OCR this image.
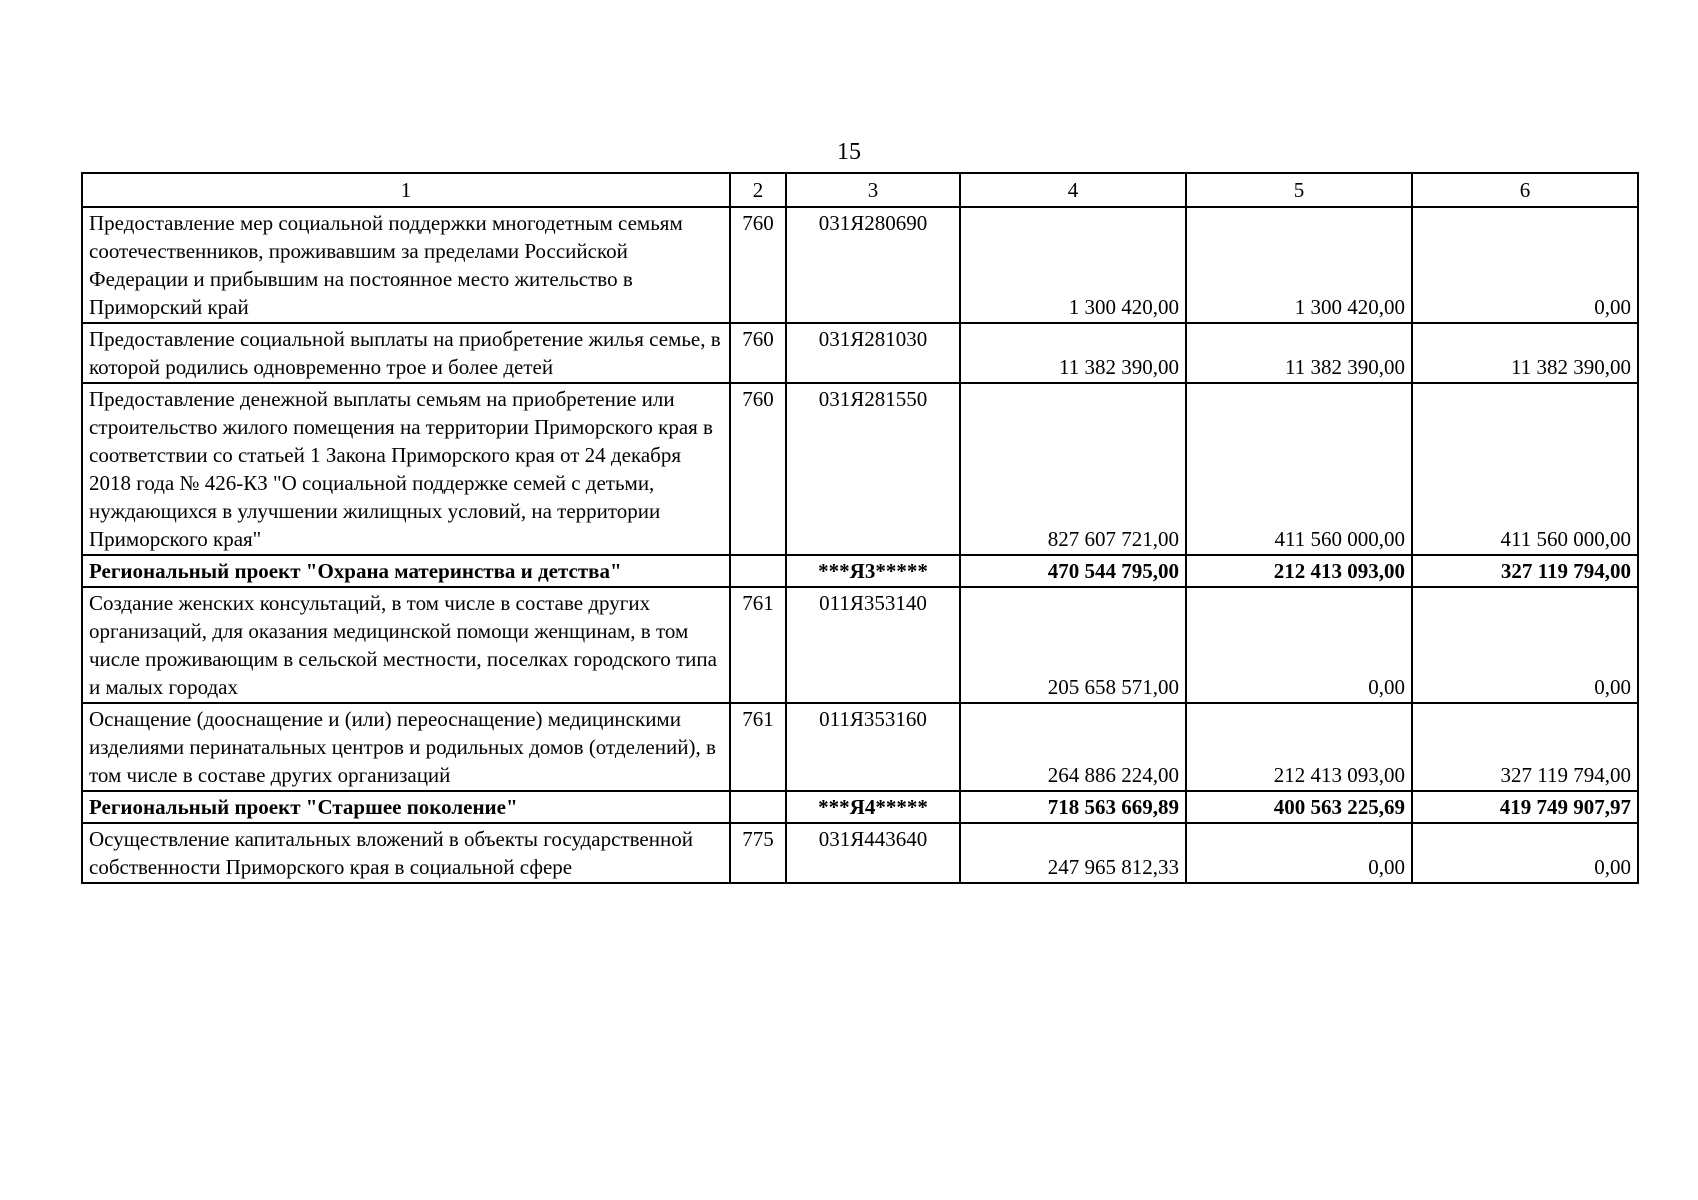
15
1	2	3	4	5	6
Предоставление мер социальной поддержки многодетным семьям соотечественников, проживавшим за пределами Российской Федерации и прибывшим на постоянное место жительство в Приморский край	760	031Я280690	1 300 420,00	1 300 420,00	0,00
Предоставление социальной выплаты на приобретение жилья семье, в которой родились одновременно трое и более детей	760	031Я281030	11 382 390,00	11 382 390,00	11 382 390,00
Предоставление денежной выплаты семьям на приобретение или строительство жилого помещения на территории Приморского края в соответствии со статьей 1 Закона Приморского края от 24 декабря 2018 года № 426-КЗ "О социальной поддержке семей с детьми, нуждающихся в улучшении жилищных условий, на территории Приморского края"	760	031Я281550	827 607 721,00	411 560 000,00	411 560 000,00
Региональный проект "Охрана материнства и детства"		***Я3*****	470 544 795,00	212 413 093,00	327 119 794,00
Создание женских консультаций, в том числе в составе других организаций, для оказания медицинской помощи женщинам, в том числе проживающим в сельской местности, поселках городского типа и малых городах	761	011Я353140	205 658 571,00	0,00	0,00
Оснащение (дооснащение и (или) переоснащение) медицинскими изделиями перинатальных центров и родильных домов (отделений), в том числе в составе других организаций	761	011Я353160	264 886 224,00	212 413 093,00	327 119 794,00
Региональный проект "Старшее поколение"		***Я4*****	718 563 669,89	400 563 225,69	419 749 907,97
Осуществление капитальных вложений в объекты государственной собственности Приморского края в социальной сфере	775	031Я443640	247 965 812,33	0,00	0,00
